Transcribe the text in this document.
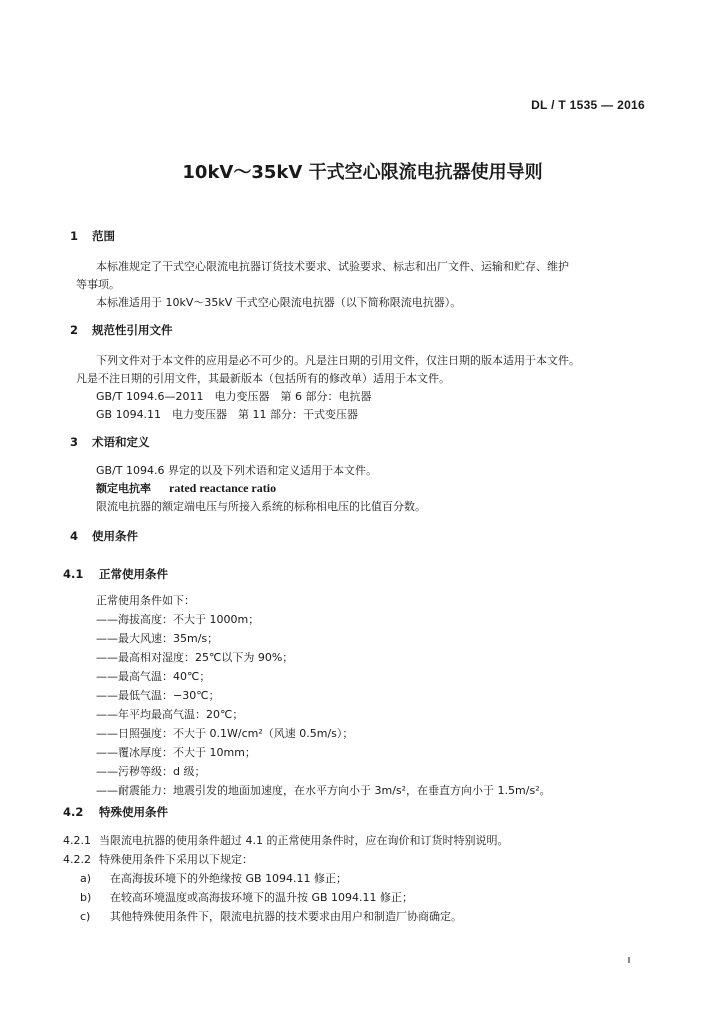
DL / T 1535 — 2016
10kV～35kV 干式空心限流电抗器使用导则
1 范围
本标准规定了干式空心限流电抗器订货技术要求、试验要求、标志和出厂文件、运输和贮存、维护
等事项。
本标准适用于 10kV～35kV 干式空心限流电抗器（以下简称限流电抗器）。
2 规范性引用文件
下列文件对于本文件的应用是必不可少的。凡是注日期的引用文件，仅注日期的版本适用于本文件。
凡是不注日期的引用文件，其最新版本（包括所有的修改单）适用于本文件。
GB/T 1094.6—2011　电力变压器　第 6 部分：电抗器
GB 1094.11　电力变压器　第 11 部分：干式变压器
3 术语和定义
GB/T 1094.6 界定的以及下列术语和定义适用于本文件。
额定电抗率 rated reactance ratio
限流电抗器的额定端电压与所接入系统的标称相电压的比值百分数。
4 使用条件
4.1 正常使用条件
正常使用条件如下：
——海拔高度：不大于 1000m；
——最大风速：35m/s；
——最高相对湿度：25℃以下为 90%；
——最高气温：40℃；
——最低气温：−30℃；
——年平均最高气温：20℃；
——日照强度：不大于 0.1W/cm²（风速 0.5m/s）；
——覆冰厚度：不大于 10mm；
——污秽等级：d 级；
——耐震能力：地震引发的地面加速度，在水平方向小于 3m/s²，在垂直方向小于 1.5m/s²。
4.2 特殊使用条件
4.2.1 当限流电抗器的使用条件超过 4.1 的正常使用条件时，应在询价和订货时特别说明。
4.2.2 特殊使用条件下采用以下规定：
a) 在高海拔环境下的外绝缘按 GB 1094.11 修正；
b) 在较高环境温度或高海拔环境下的温升按 GB 1094.11 修正；
c) 其他特殊使用条件下，限流电抗器的技术要求由用户和制造厂协商确定。
